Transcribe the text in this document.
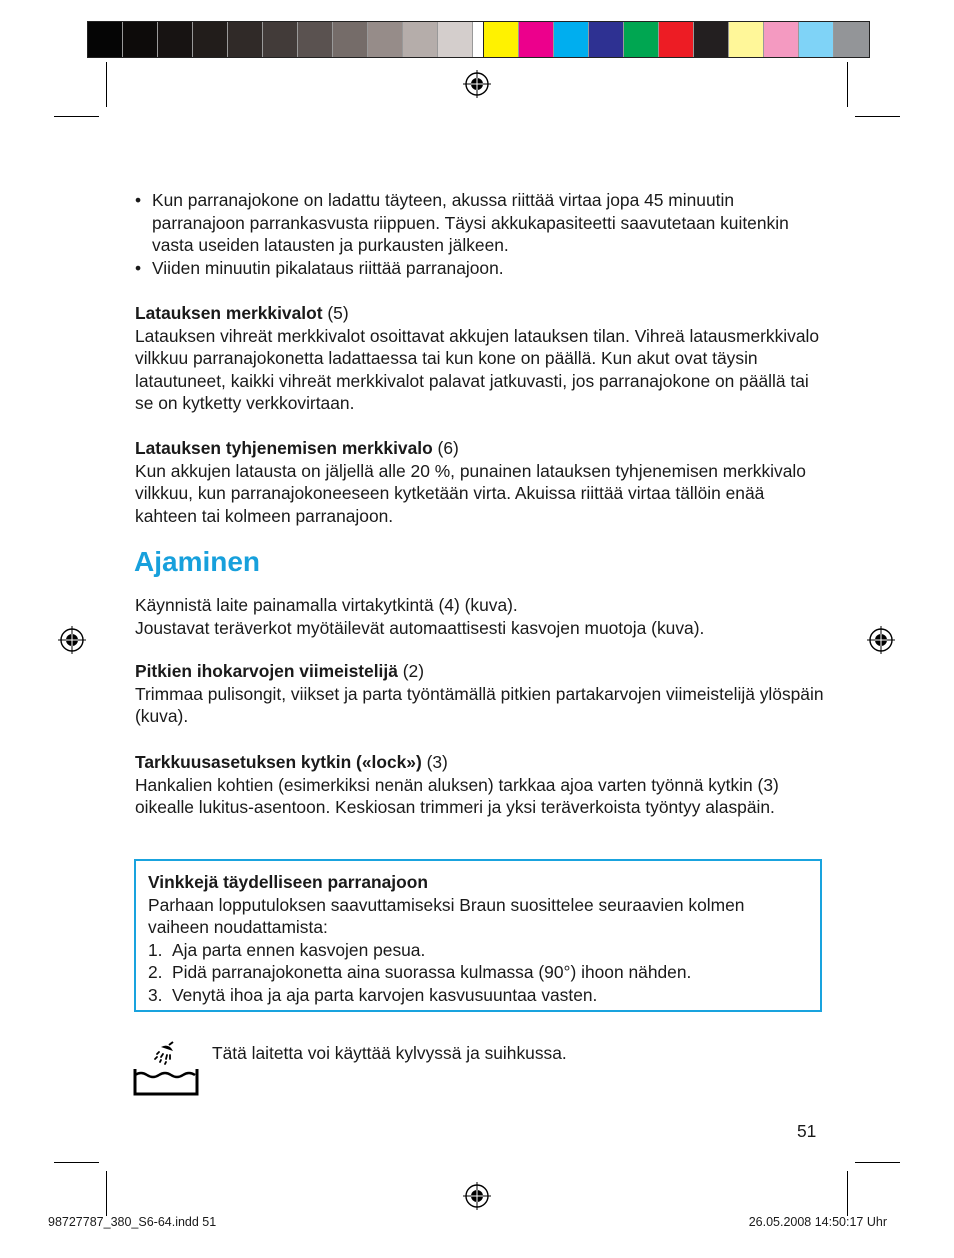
• Kun parranajokone on ladattu täyteen, akussa riittää virtaa jopa 45 minuutin parranajoon parrankasvusta riippuen. Täysi akkukapasiteetti saavutetaan kuitenkin vasta useiden latausten ja purkausten jälkeen.

• Viiden minuutin pikalataus riittää parranajoon.

Latauksen merkkivalot (5)

Latauksen vihreät merkkivalot osoittavat akkujen latauksen tilan. Vihreä latausmerkkivalo vilkkuu parranajokonetta ladattaessa tai kun kone on päällä. Kun akut ovat täysin latautuneet, kaikki vihreät merkkivalot palavat jatkuvasti, jos parranajokone on päällä tai se on kytketty verkkovirtaan.

Latauksen tyhjenemisen merkkivalo (6)

Kun akkujen latausta on jäljellä alle 20 %, punainen latauksen tyhjenemisen merkkivalo vilkkuu, kun parranajokoneeseen kytketään virta. Akuissa riittää virtaa tällöin enää kahteen tai kolmeen parranajoon.

Ajaminen

Käynnistä laite painamalla virtakytkintä (4) (kuva).

Joustavat teräverkot myötäilevät automaattisesti kasvojen muotoja (kuva).

Pitkien ihokarvojen viimeistelijä (2)

Trimmaa pulisongit, viikset ja parta työntämällä pitkien partakarvojen viimeistelijä ylöspäin (kuva).

Tarkkuusasetuksen kytkin («lock») (3)

Hankalien kohtien (esimerkiksi nenän aluksen) tarkkaa ajoa varten työnnä kytkin (3) oikealle lukitus-asentoon. Keskiosan trimmeri ja yksi teräverkoista työntyy alaspäin.

Vinkkejä täydelliseen parranajoon

Parhaan lopputuloksen saavuttamiseksi Braun suosittelee seuraavien kolmen vaiheen noudattamista:

1. Aja parta ennen kasvojen pesua.
2. Pidä parranajokonetta aina suorassa kulmassa (90°) ihoon nähden.
3. Venytä ihoa ja aja parta karvojen kasvusuuntaa vasten.
Tätä laitetta voi käyttää kylvyssä ja suihkussa.
51
98727787_380_S6-64.indd 51	26.05.2008 14:50:17 Uhr
